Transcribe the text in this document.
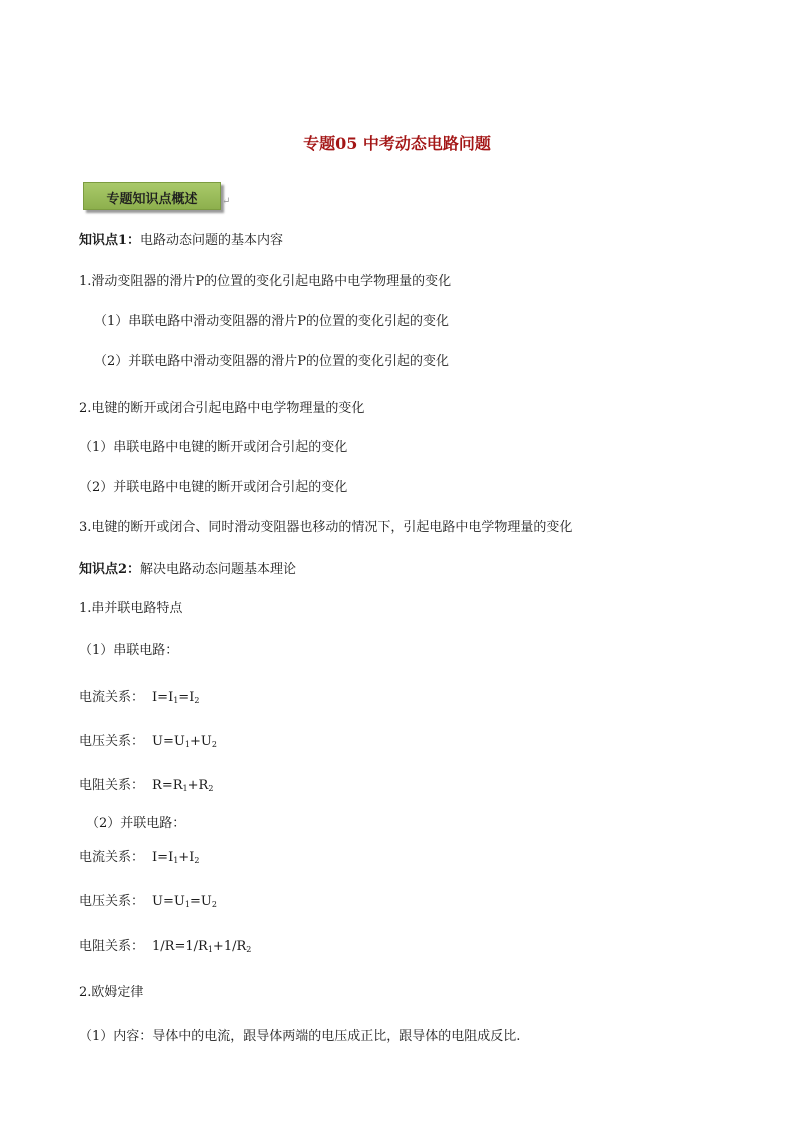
专题05 中考动态电路问题
专题知识点概述	↵
知识点1：电路动态问题的基本内容
1.滑动变阻器的滑片P的位置的变化引起电路中电学物理量的变化
（1）串联电路中滑动变阻器的滑片P的位置的变化引起的变化
（2）并联电路中滑动变阻器的滑片P的位置的变化引起的变化
2.电键的断开或闭合引起电路中电学物理量的变化
（1）串联电路中电键的断开或闭合引起的变化
（2）并联电路中电键的断开或闭合引起的变化
3.电键的断开或闭合、同时滑动变阻器也移动的情况下，引起电路中电学物理量的变化
知识点2：解决电路动态问题基本理论
1.串并联电路特点
（1）串联电路：
电流关系： $I=I_1=I_2$
电压关系： $U=U_1+U_2$
电阻关系： $R=R_1+R_2$
（2）并联电路：
电流关系： $I=I_1+I_2$
电压关系： $U=U_1=U_2$
电阻关系： $1/R=1/R_1+1/R_2$
2.欧姆定律
（1）内容：导体中的电流，跟导体两端的电压成正比，跟导体的电阻成反比.
